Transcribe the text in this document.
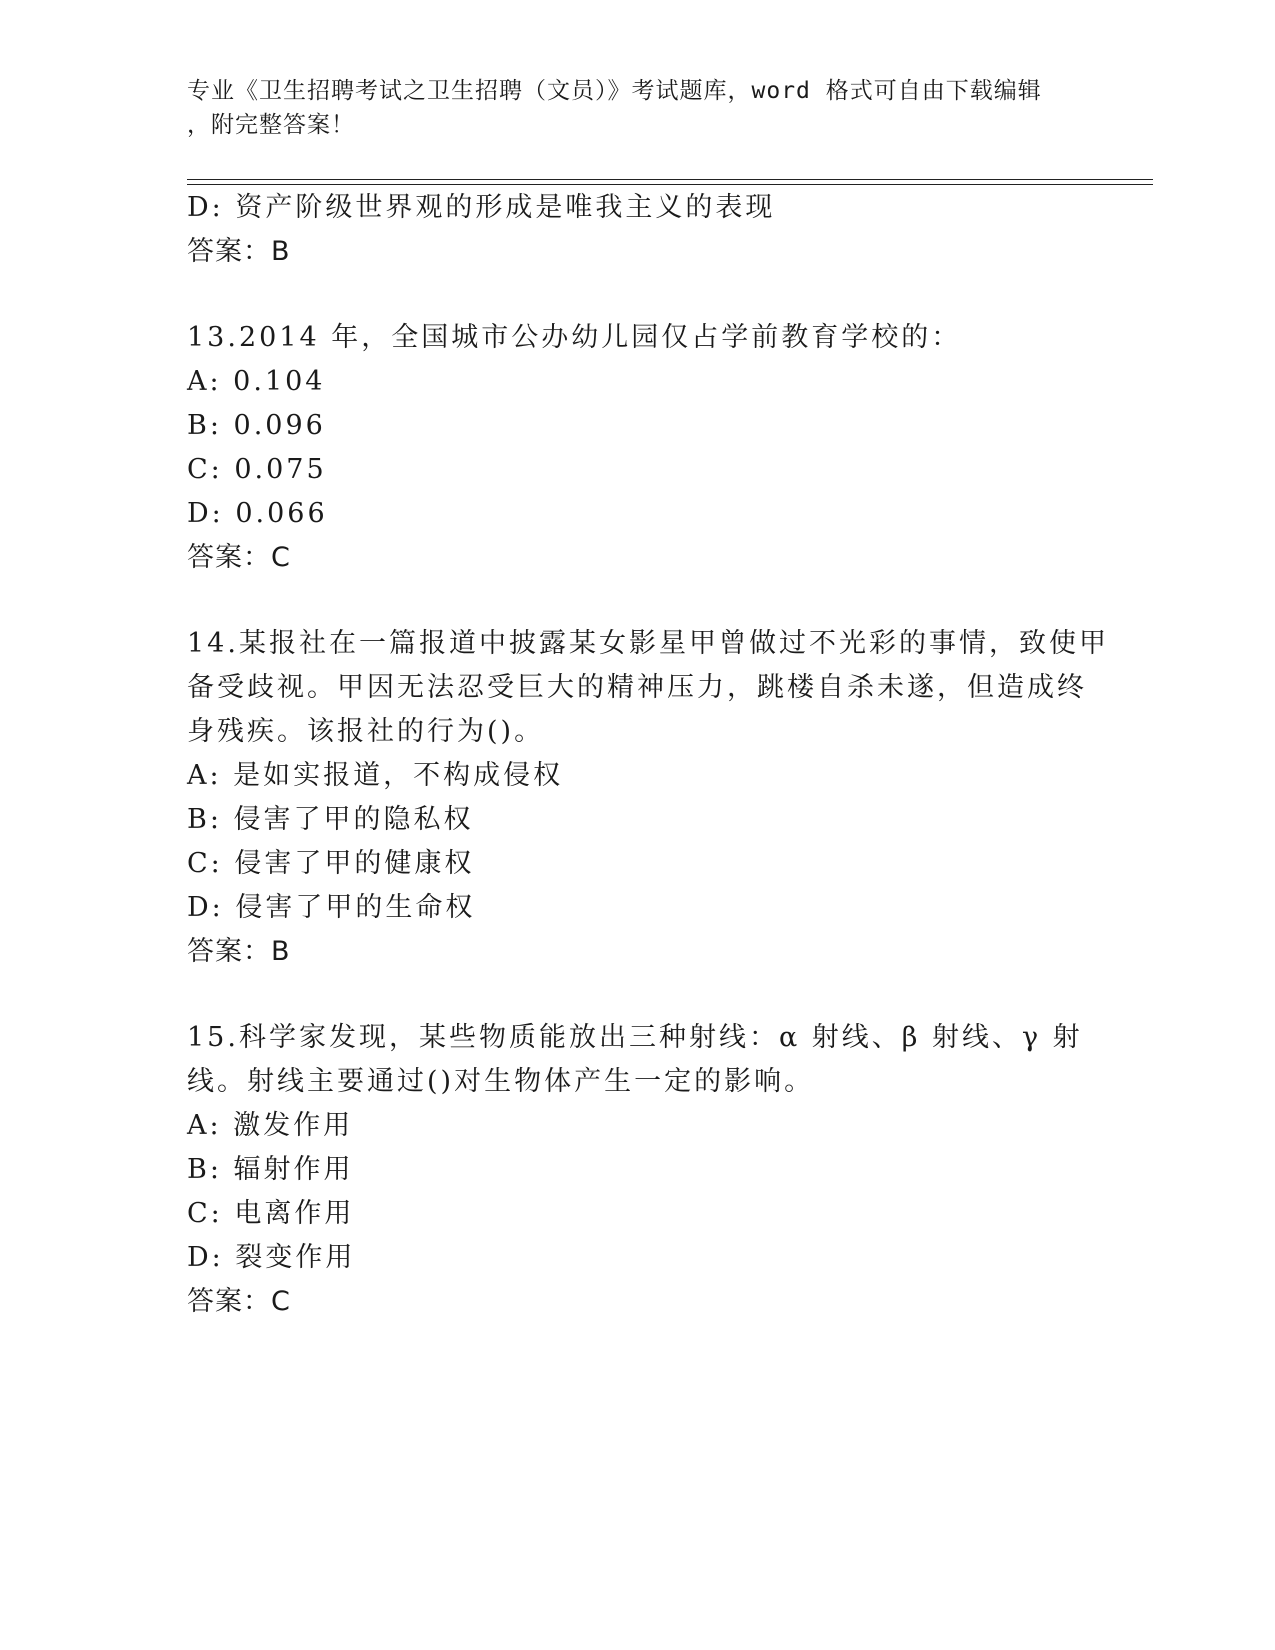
专业《卫生招聘考试之卫生招聘（文员）》考试题库，word 格式可自由下载编辑
，附完整答案！
D: 资产阶级世界观的形成是唯我主义的表现
答案：B
13.2014 年，全国城市公办幼儿园仅占学前教育学校的：
A: 0.104
B: 0.096
C: 0.075
D: 0.066
答案：C
14.某报社在一篇报道中披露某女影星甲曾做过不光彩的事情，致使甲
备受歧视。甲因无法忍受巨大的精神压力，跳楼自杀未遂，但造成终
身残疾。该报社的行为()。
A: 是如实报道，不构成侵权
B: 侵害了甲的隐私权
C: 侵害了甲的健康权
D: 侵害了甲的生命权
答案：B
15.科学家发现，某些物质能放出三种射线：α 射线、β 射线、γ 射
线。射线主要通过()对生物体产生一定的影响。
A: 激发作用
B: 辐射作用
C: 电离作用
D: 裂变作用
答案：C
